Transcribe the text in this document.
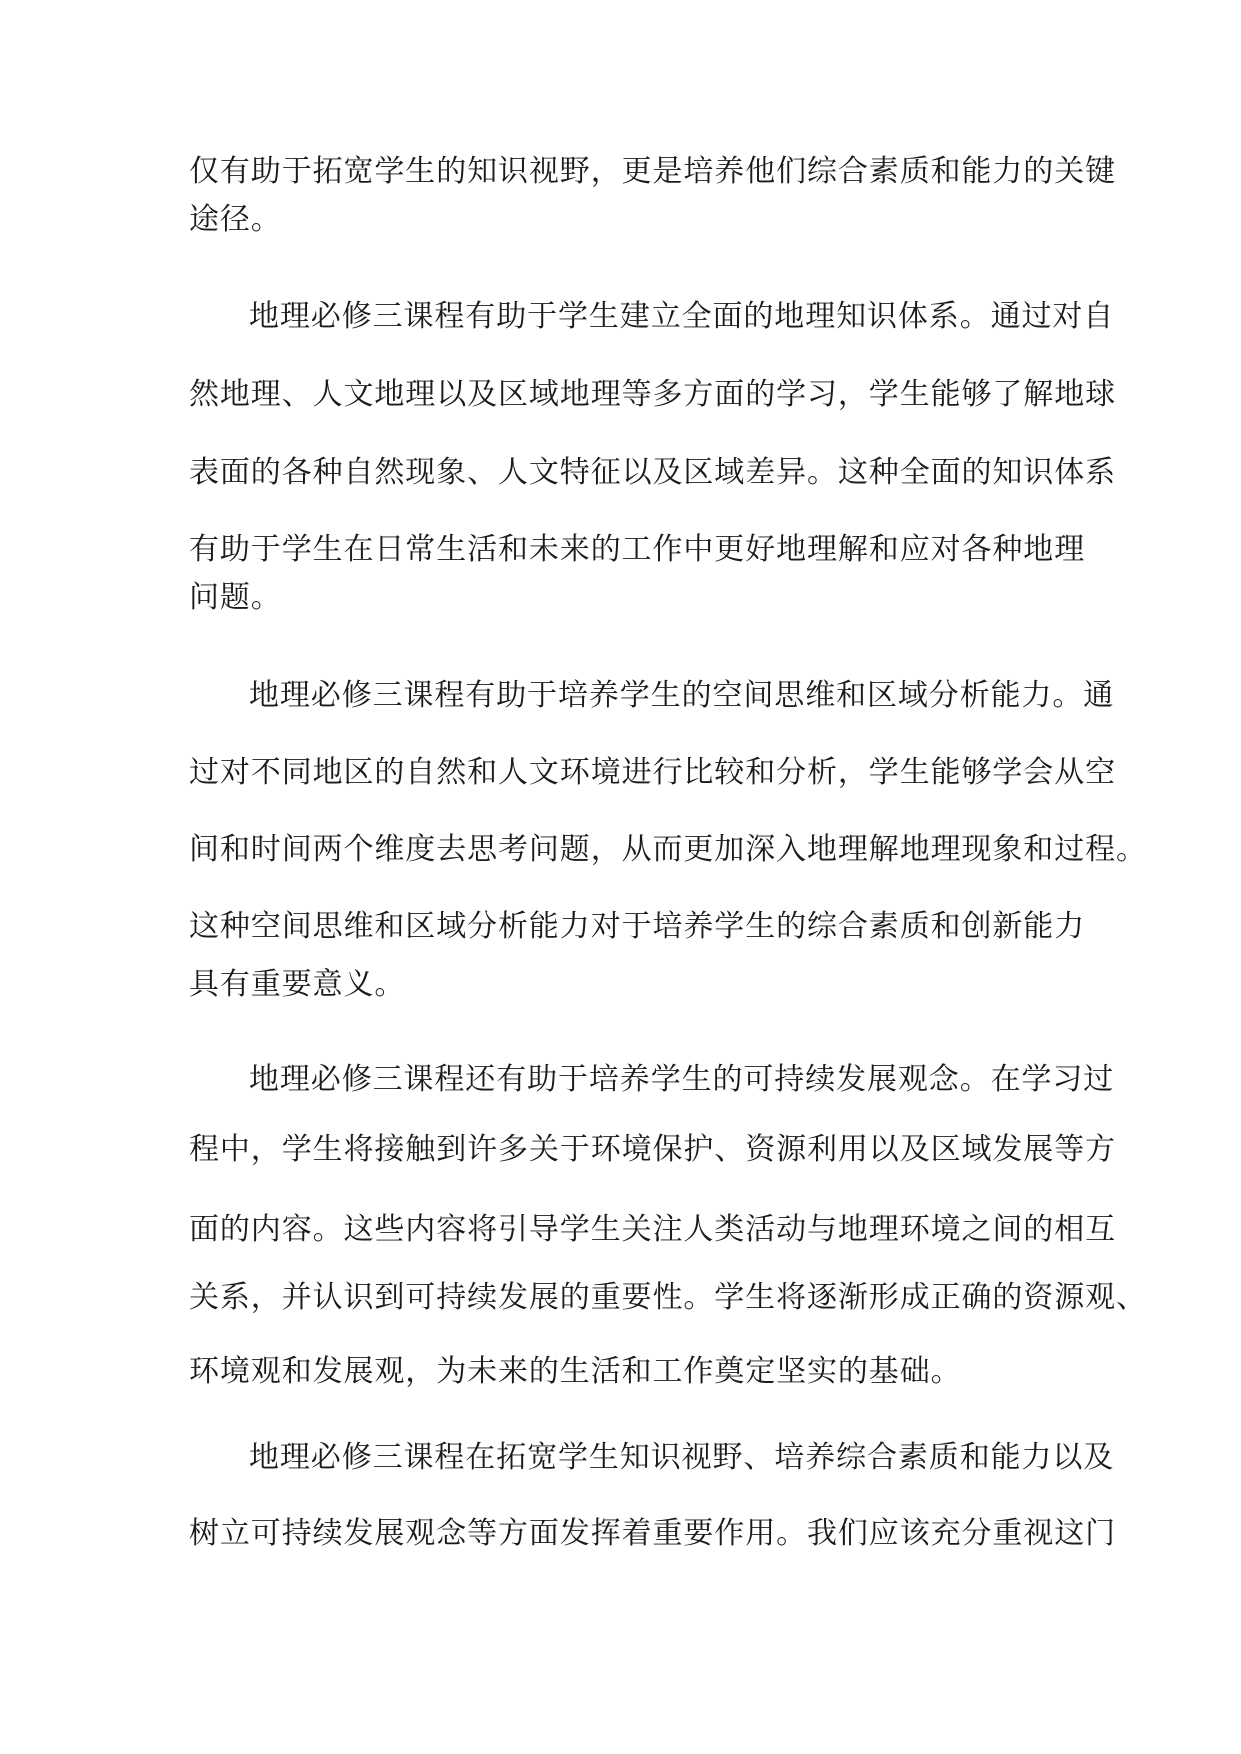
仅有助于拓宽学生的知识视野，更是培养他们综合素质和能力的关键
途径。
地理必修三课程有助于学生建立全面的地理知识体系。通过对自
然地理、人文地理以及区域地理等多方面的学习，学生能够了解地球
表面的各种自然现象、人文特征以及区域差异。这种全面的知识体系
有助于学生在日常生活和未来的工作中更好地理解和应对各种地理
问题。
地理必修三课程有助于培养学生的空间思维和区域分析能力。通
过对不同地区的自然和人文环境进行比较和分析，学生能够学会从空
间和时间两个维度去思考问题，从而更加深入地理解地理现象和过程。
这种空间思维和区域分析能力对于培养学生的综合素质和创新能力
具有重要意义。
地理必修三课程还有助于培养学生的可持续发展观念。在学习过
程中，学生将接触到许多关于环境保护、资源利用以及区域发展等方
面的内容。这些内容将引导学生关注人类活动与地理环境之间的相互
关系，并认识到可持续发展的重要性。学生将逐渐形成正确的资源观、
环境观和发展观，为未来的生活和工作奠定坚实的基础。
地理必修三课程在拓宽学生知识视野、培养综合素质和能力以及
树立可持续发展观念等方面发挥着重要作用。我们应该充分重视这门
